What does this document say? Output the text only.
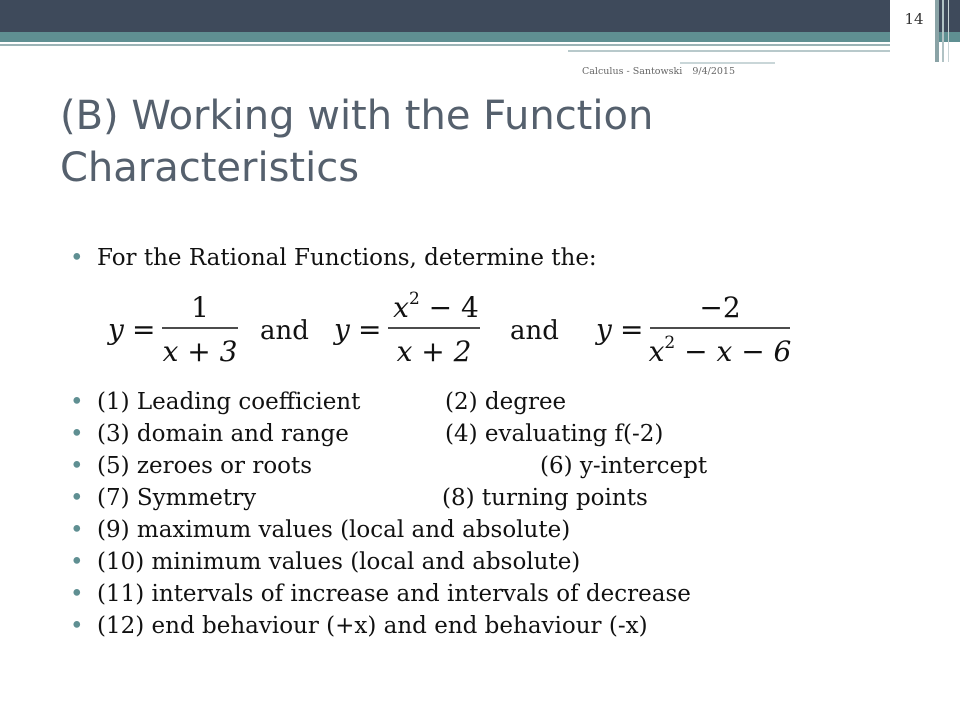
14
Calculus - Santowski 9/4/2015
(B) Working with the Function Characteristics
• For the Rational Functions, determine the:
y =
1
x + 3
and y =
$x^2 - 4$
x + 2
and y =
−2
$x^2 - x - 6$
• (1) Leading coefficient	(2) degree
• (3) domain and range	(4) evaluating f(-2)
• (5) zeroes or roots	(6) y-intercept
• (7) Symmetry	(8) turning points
• (9) maximum values (local and absolute)
• (10) minimum values (local and absolute)
• (11) intervals of increase and intervals of decrease
• (12) end behaviour (+x) and end behaviour (-x)
